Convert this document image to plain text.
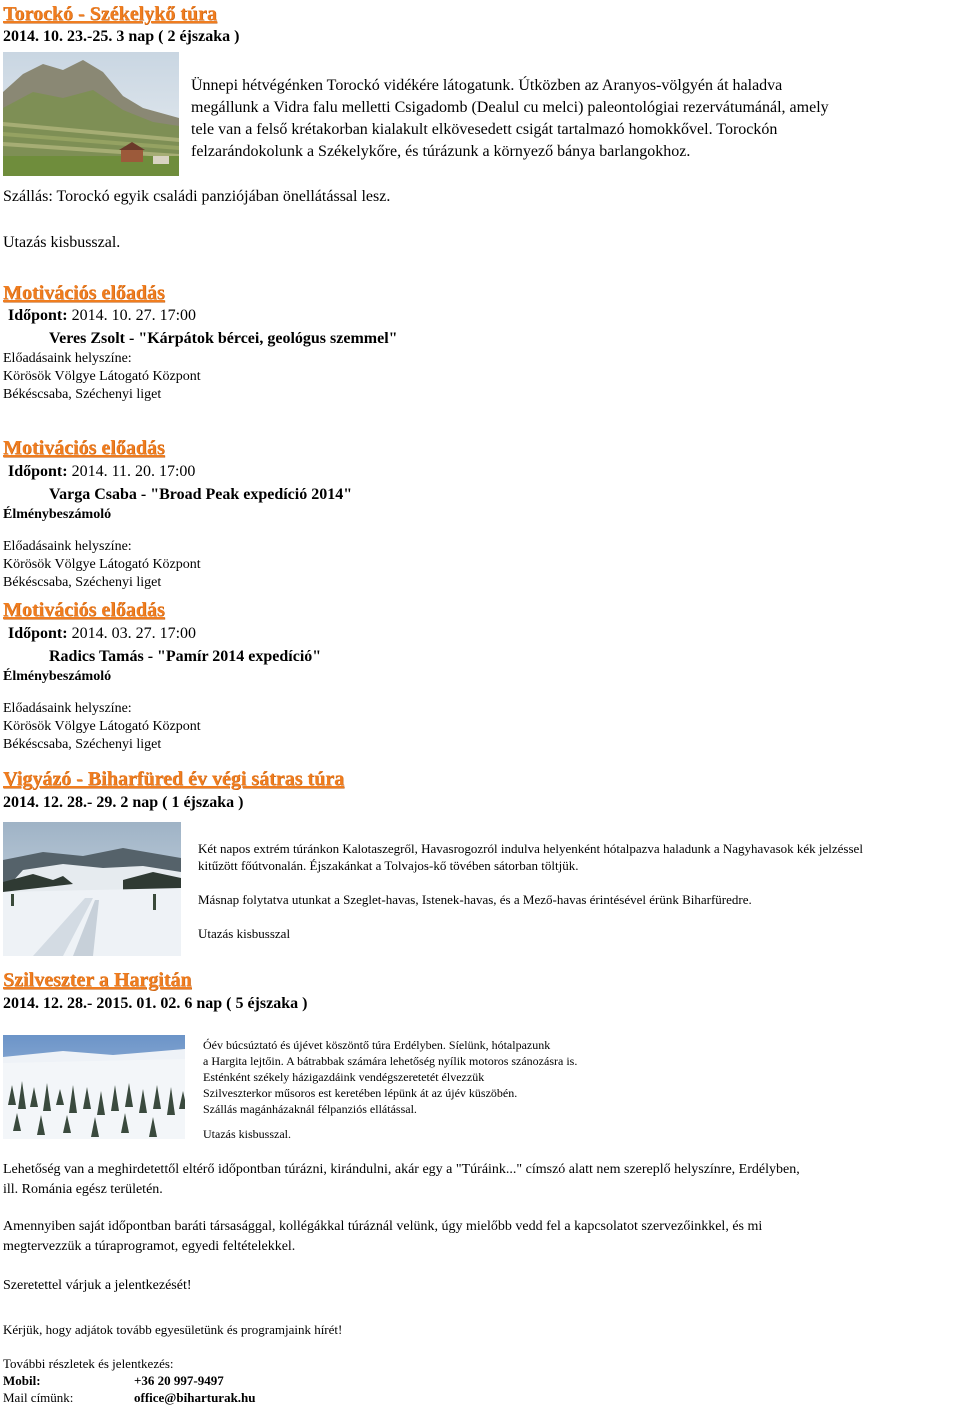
Torockó - Székelykő túra
2014. 10. 23.-25. 3 nap ( 2 éjszaka )
Ünnepi hétvégénken Torockó vidékére látogatunk. Útközben az Aranyos-völgyén át haladva
megállunk a Vidra falu melletti Csigadomb (Dealul cu melci) paleontológiai rezervátumánál, amely
tele van a felső krétakorban kialakult elkövesedett csigát tartalmazó homokkővel. Torockón
felzarándokolunk a Székelykőre, és túrázunk a környező bánya barlangokhoz.
Szállás: Torockó egyik családi panziójában önellátással lesz.
Utazás kisbusszal.
Motivációs előadás
Időpont: 2014. 10. 27. 17:00
Veres Zsolt - "Kárpátok bércei, geológus szemmel"
Előadásaink helyszíne:
Körösök Völgye Látogató Központ
Békéscsaba, Széchenyi liget
Motivációs előadás
Időpont: 2014. 11. 20. 17:00
Varga Csaba - "Broad Peak expedíció 2014"
Élménybeszámoló
Előadásaink helyszíne:
Körösök Völgye Látogató Központ
Békéscsaba, Széchenyi liget
Motivációs előadás
Időpont: 2014. 03. 27. 17:00
Radics Tamás - "Pamír 2014 expedíció"
Élménybeszámoló
Előadásaink helyszíne:
Körösök Völgye Látogató Központ
Békéscsaba, Széchenyi liget
Vigyázó - Biharfüred év végi sátras túra
2014. 12. 28.- 29. 2 nap ( 1 éjszaka )
Két napos extrém túránkon Kalotaszegről, Havasrogozról indulva helyenként hótalpazva haladunk a Nagyhavasok kék jelzéssel
kitűzött főútvonalán. Éjszakánkat a Tolvajos-kő tövében sátorban töltjük.
Másnap folytatva utunkat a Szeglet-havas, Istenek-havas, és a Mező-havas érintésével érünk Biharfüredre.
Utazás kisbusszal
Szilveszter a Hargitán
2014. 12. 28.- 2015. 01. 02. 6 nap ( 5 éjszaka )
Óév búcsúztató és újévet köszöntő túra Erdélyben. Síelünk, hótalpazunk
a Hargita lejtőin. A bátrabbak számára lehetőség nyílik motoros szánozásra is.
Esténként székely házigazdáink vendégszeretetét élvezzük
Szilveszterkor műsoros est keretében lépünk át az újév küszöbén.
Szállás magánházaknál félpanziós ellátással.
Utazás kisbusszal.
Lehetőség van a meghirdetettől eltérő időpontban túrázni, kirándulni, akár egy a "Túráink..." címszó alatt nem szereplő helyszínre, Erdélyben,
ill. Románia egész területén.
Amennyiben saját időpontban baráti társasággal, kollégákkal túráznál velünk, úgy mielőbb vedd fel a kapcsolatot szervezőinkkel, és mi
megtervezzük a túraprogramot, egyedi feltételekkel.
Szeretettel várjuk a jelentkezését!
Kérjük, hogy adjátok tovább egyesületünk és programjaink hírét!
További részletek és jelentkezés:
Mobil:	+36 20 997-9497
Mail címünk:	office@biharturak.hu
